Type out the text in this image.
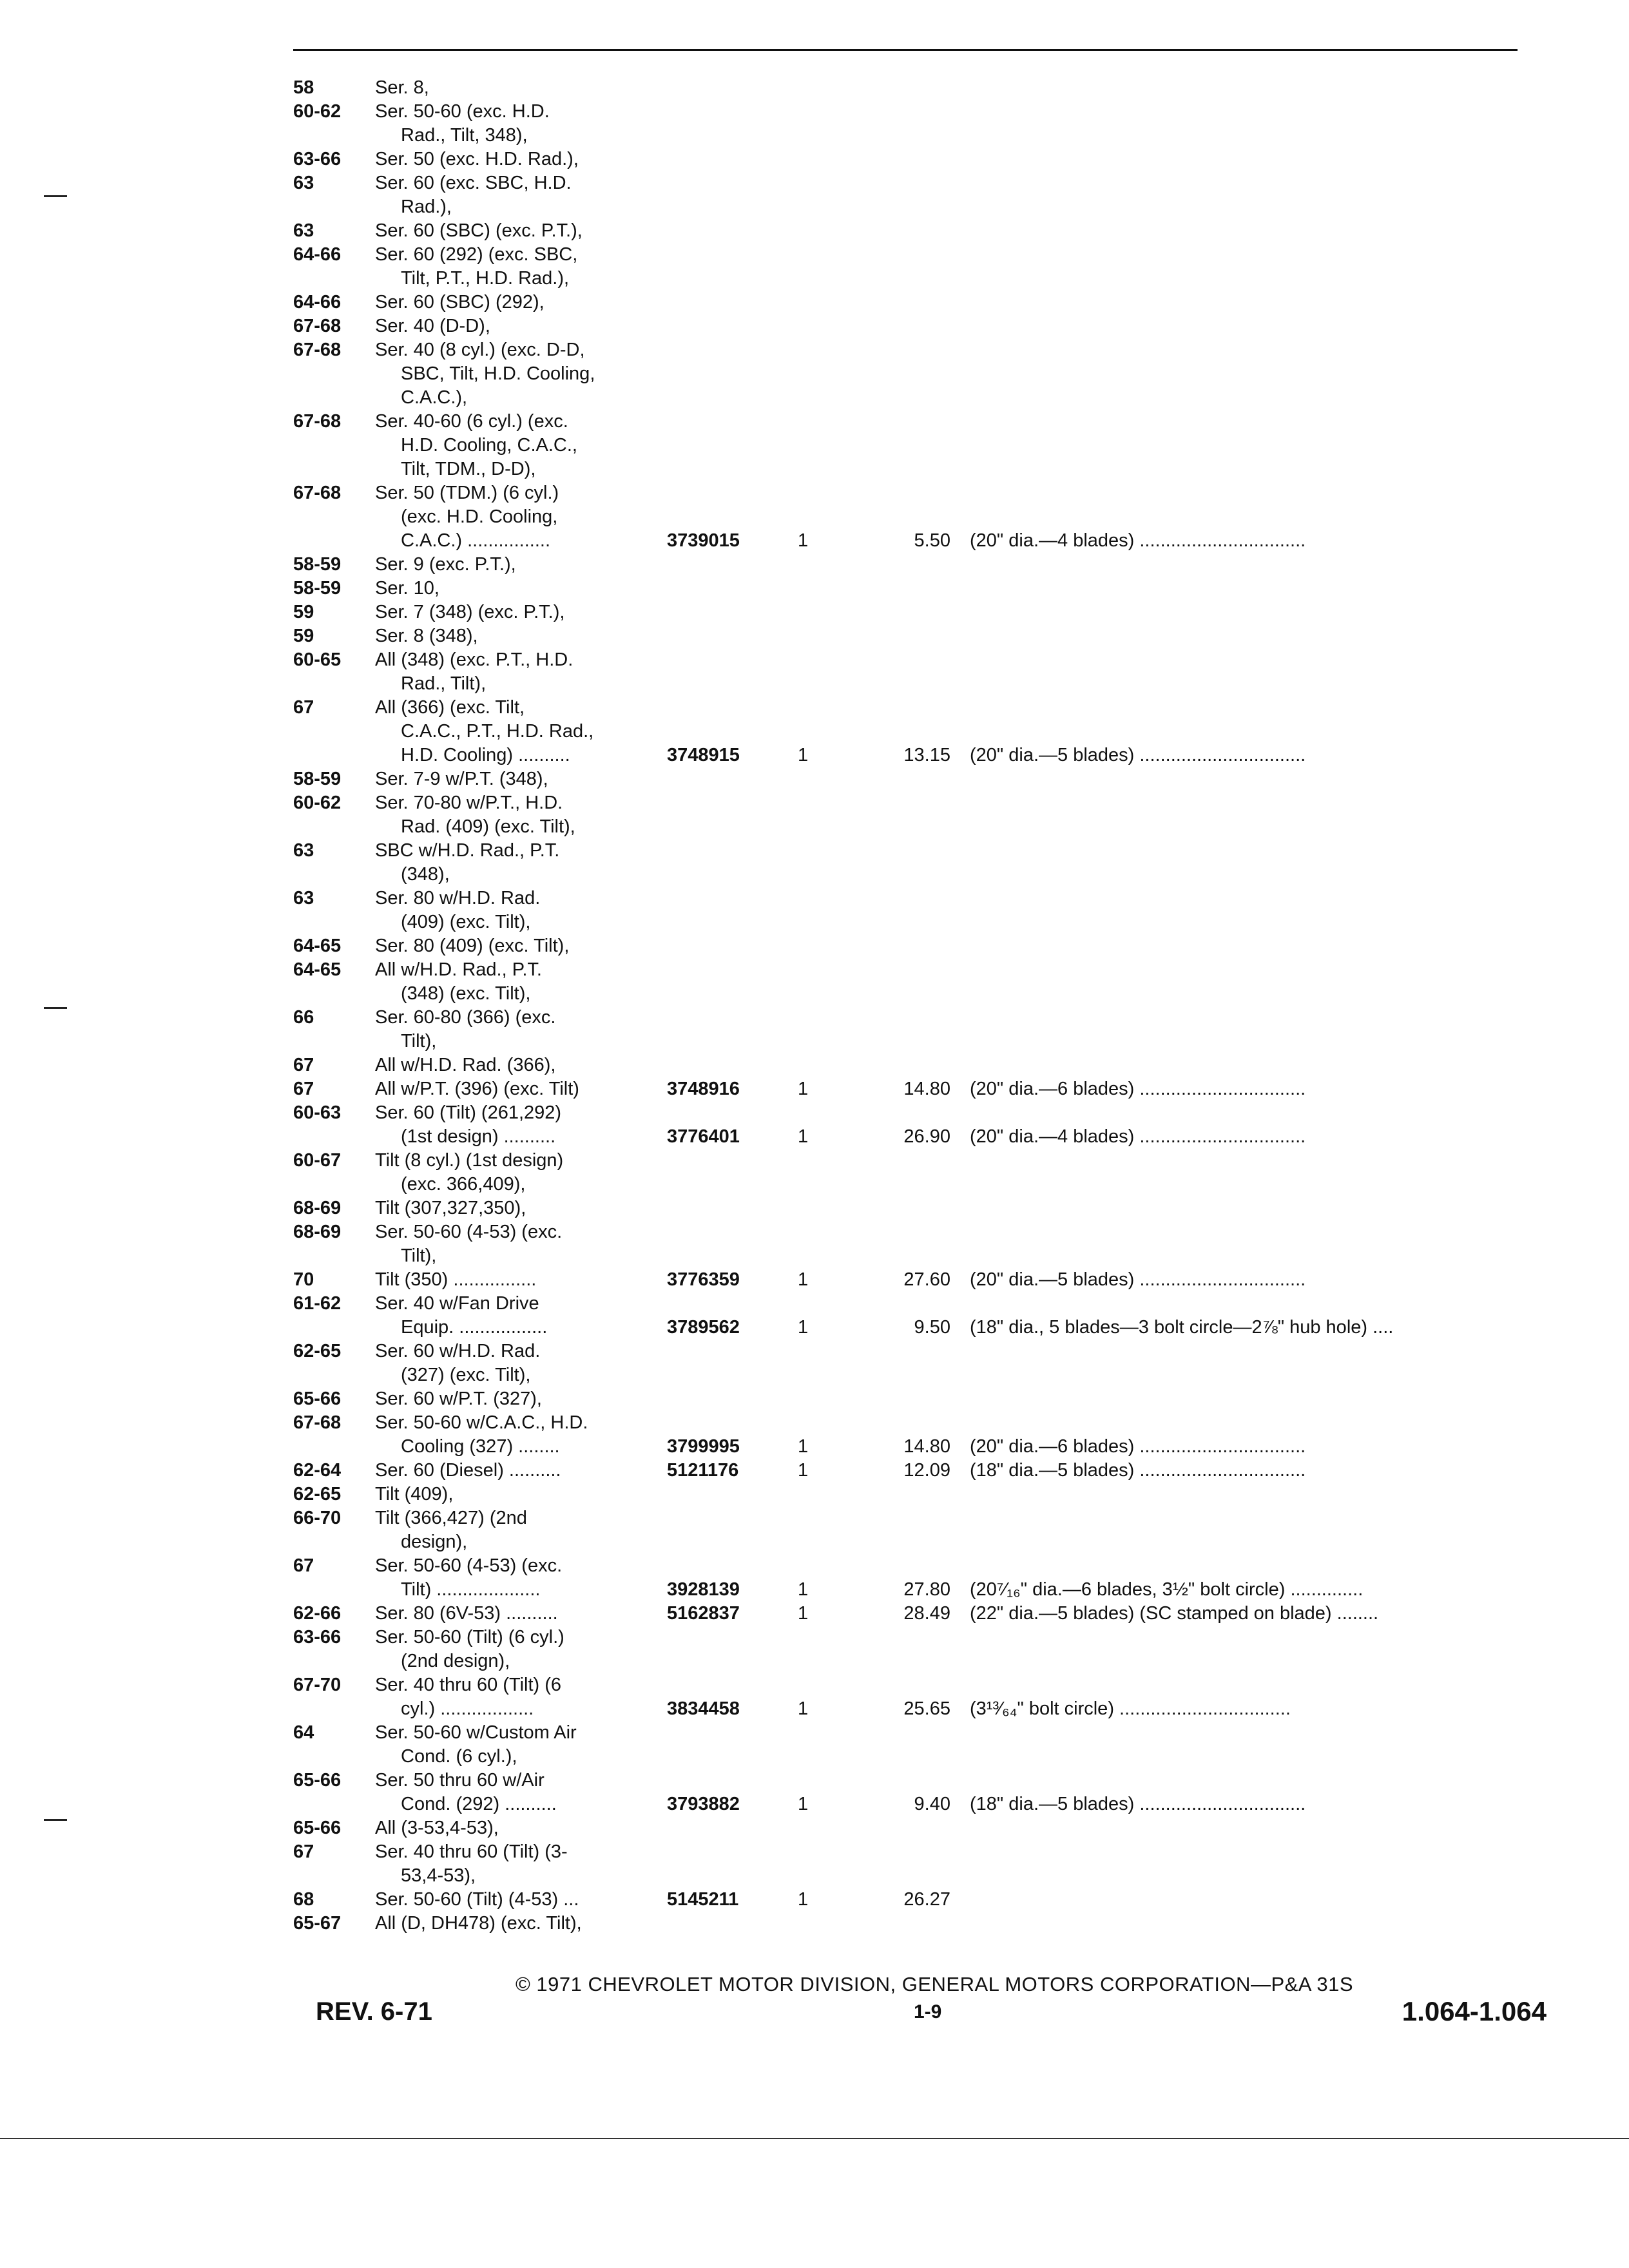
58	Ser. 8,
60-62	Ser. 50-60 (exc. H.D.
Rad., Tilt, 348),
63-66	Ser. 50 (exc. H.D. Rad.),
63	Ser. 60 (exc. SBC, H.D.
Rad.),
63	Ser. 60 (SBC) (exc. P.T.),
64-66	Ser. 60 (292) (exc. SBC,
Tilt, P.T., H.D. Rad.),
64-66	Ser. 60 (SBC) (292),
67-68	Ser. 40 (D-D),
67-68	Ser. 40 (8 cyl.) (exc. D-D,
SBC, Tilt, H.D. Cooling,
C.A.C.),
67-68	Ser. 40-60 (6 cyl.) (exc.
H.D. Cooling, C.A.C.,
Tilt, TDM., D-D),
67-68	Ser. 50 (TDM.) (6 cyl.)
(exc. H.D. Cooling,
C.A.C.) ................	3739015	1	5.50 (20" dia.—4 blades) ................................
58-59	Ser. 9 (exc. P.T.),
58-59	Ser. 10,
59	Ser. 7 (348) (exc. P.T.),
59	Ser. 8 (348),
60-65	All (348) (exc. P.T., H.D.
Rad., Tilt),
67	All (366) (exc. Tilt,
C.A.C., P.T., H.D. Rad.,
H.D. Cooling) ..........	3748915	1	13.15 (20" dia.—5 blades) ................................
58-59	Ser. 7-9 w/P.T. (348),
60-62	Ser. 70-80 w/P.T., H.D.
Rad. (409) (exc. Tilt),
63	SBC w/H.D. Rad., P.T.
(348),
63	Ser. 80 w/H.D. Rad.
(409) (exc. Tilt),
64-65	Ser. 80 (409) (exc. Tilt),
64-65	All w/H.D. Rad., P.T.
(348) (exc. Tilt),
66	Ser. 60-80 (366) (exc.
Tilt),
67	All w/H.D. Rad. (366),
67	All w/P.T. (396) (exc. Tilt)	3748916	1	14.80 (20" dia.—6 blades) ................................
60-63	Ser. 60 (Tilt) (261,292)
(1st design) ..........	3776401	1	26.90 (20" dia.—4 blades) ................................
60-67	Tilt (8 cyl.) (1st design)
(exc. 366,409),
68-69	Tilt (307,327,350),
68-69	Ser. 50-60 (4-53) (exc.
Tilt),
70	Tilt (350) ................	3776359	1	27.60 (20" dia.—5 blades) ................................
61-62	Ser. 40 w/Fan Drive
Equip. .................	3789562	1	9.50 (18" dia., 5 blades—3 bolt circle—2⅞" hub hole) ....
62-65	Ser. 60 w/H.D. Rad.
(327) (exc. Tilt),
65-66	Ser. 60 w/P.T. (327),
67-68	Ser. 50-60 w/C.A.C., H.D.
Cooling (327) ........	3799995	1	14.80 (20" dia.—6 blades) ................................
62-64	Ser. 60 (Diesel) ..........	5121176	1	12.09 (18" dia.—5 blades) ................................
62-65	Tilt (409),
66-70	Tilt (366,427) (2nd
design),
67	Ser. 50-60 (4-53) (exc.
Tilt) ....................	3928139	1	27.80 (20⁷⁄₁₆" dia.—6 blades, 3½" bolt circle) ..............
62-66	Ser. 80 (6V-53) ..........	5162837	1	28.49 (22" dia.—5 blades) (SC stamped on blade) ........
63-66	Ser. 50-60 (Tilt) (6 cyl.)
(2nd design),
67-70	Ser. 40 thru 60 (Tilt) (6
cyl.) ..................	3834458	1	25.65 (3¹³⁄₆₄" bolt circle) .................................
64	Ser. 50-60 w/Custom Air
Cond. (6 cyl.),
65-66	Ser. 50 thru 60 w/Air
Cond. (292) ..........	3793882	1	9.40 (18" dia.—5 blades) ................................
65-66	All (3-53,4-53),
67	Ser. 40 thru 60 (Tilt) (3-
53,4-53),
68	Ser. 50-60 (Tilt) (4-53) ...	5145211	1	26.27
65-67	All (D, DH478) (exc. Tilt),
© 1971 CHEVROLET MOTOR DIVISION, GENERAL MOTORS CORPORATION—P&A 31S
REV. 6-71	1-9	1.064-1.064
